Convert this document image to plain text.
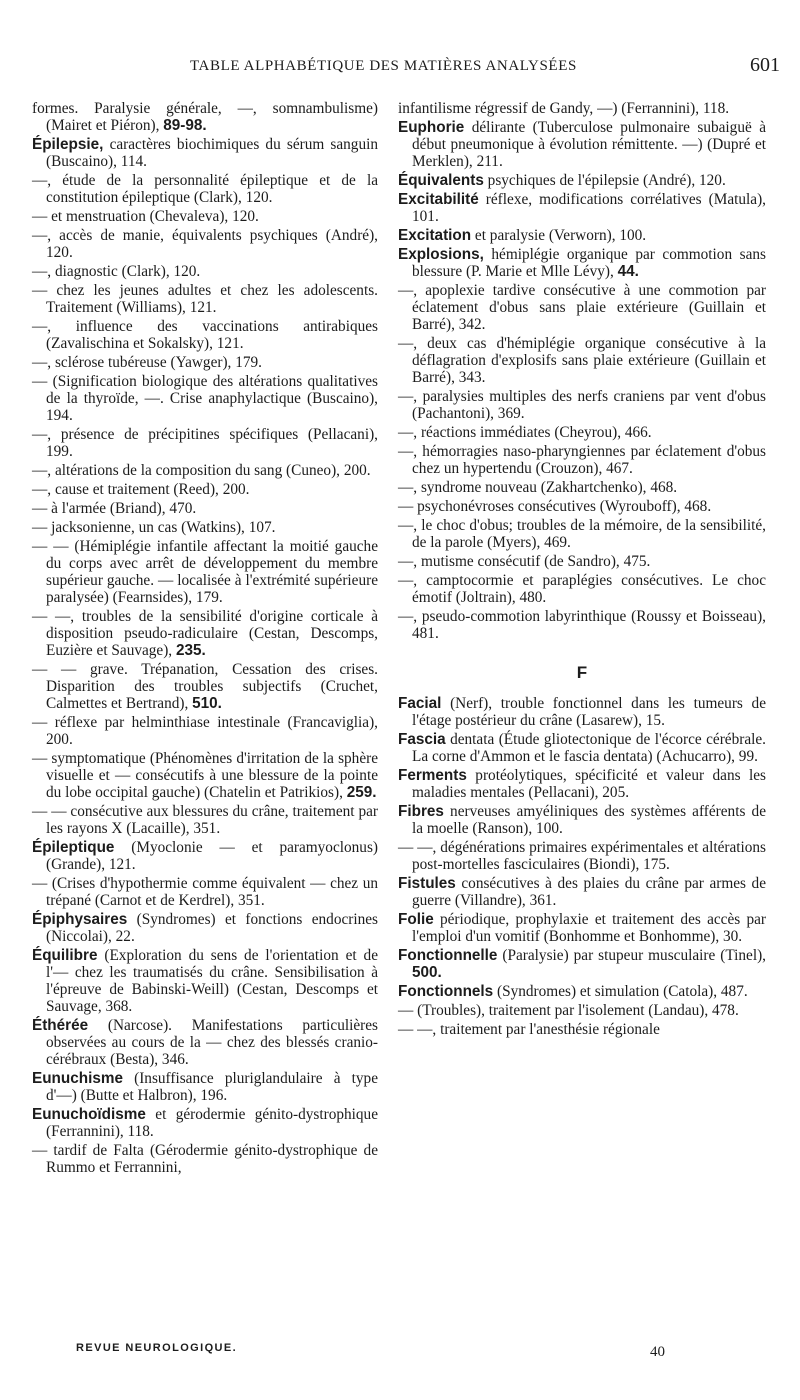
TABLE ALPHABÉTIQUE DES MATIÈRES ANALYSÉES	601
formes. Paralysie générale, —, somnambulisme) (Mairet et Piéron), 89-98.
Épilepsie, caractères biochimiques du sérum sanguin (Buscaino), 114.
—, étude de la personnalité épileptique et de la constitution épileptique (Clark), 120.
— et menstruation (Chevaleva), 120.
—, accès de manie, équivalents psychiques (André), 120.
—, diagnostic (Clark), 120.
— chez les jeunes adultes et chez les adolescents. Traitement (Williams), 121.
—, influence des vaccinations antirabiques (Zavalischina et Sokalsky), 121.
—, sclérose tubéreuse (Yawger), 179.
— (Signification biologique des altérations qualitatives de la thyroïde, —. Crise anaphylactique (Buscaino), 194.
—, présence de précipitines spécifiques (Pellacani), 199.
—, altérations de la composition du sang (Cuneo), 200.
—, cause et traitement (Reed), 200.
— à l'armée (Briand), 470.
— jacksonienne, un cas (Watkins), 107.
— — (Hémiplégie infantile affectant la moitié gauche du corps avec arrêt de développement du membre supérieur gauche. — localisée à l'extrémité supérieure paralysée) (Fearnsides), 179.
— —, troubles de la sensibilité d'origine corticale à disposition pseudo-radiculaire (Cestan, Descomps, Euzière et Sauvage), 235.
— — grave. Trépanation, Cessation des crises. Disparition des troubles subjectifs (Cruchet, Calmettes et Bertrand), 510.
— réflexe par helminthiase intestinale (Francaviglia), 200.
— symptomatique (Phénomènes d'irritation de la sphère visuelle et — consécutifs à une blessure de la pointe du lobe occipital gauche) (Chatelin et Patrikios), 259.
— — consécutive aux blessures du crâne, traitement par les rayons X (Lacaille), 351.
Épileptique (Myoclonie — et paramyoclonus) (Grande), 121.
— (Crises d'hypothermie comme équivalent — chez un trépané (Carnot et de Kerdrel), 351.
Épiphysaires (Syndromes) et fonctions endocrines (Niccolai), 22.
Équilibre (Exploration du sens de l'orientation et de l'— chez les traumatisés du crâne. Sensibilisation à l'épreuve de Babinski-Weill) (Cestan, Descomps et Sauvage, 368.
Éthérée (Narcose). Manifestations particulières observées au cours de la — chez des blessés cranio-cérébraux (Besta), 346.
Eunuchisme (Insuffisance pluriglandulaire à type d'—) (Butte et Halbron), 196.
Eunuchoïdisme et gérodermie génito-dystrophique (Ferrannini), 118.
— tardif de Falta (Gérodermie génito-dystrophique de Rummo et Ferrannini,
infantilisme régressif de Gandy, —) (Ferrannini), 118.
Euphorie délirante (Tuberculose pulmonaire subaiguë à début pneumonique à évolution rémittente. —) (Dupré et Merklen), 211.
Équivalents psychiques de l'épilepsie (André), 120.
Excitabilité réflexe, modifications corrélatives (Matula), 101.
Excitation et paralysie (Verworn), 100.
Explosions, hémiplégie organique par commotion sans blessure (P. Marie et Mlle Lévy), 44.
—, apoplexie tardive consécutive à une commotion par éclatement d'obus sans plaie extérieure (Guillain et Barré), 342.
—, deux cas d'hémiplégie organique consécutive à la déflagration d'explosifs sans plaie extérieure (Guillain et Barré), 343.
—, paralysies multiples des nerfs craniens par vent d'obus (Pachantoni), 369.
—, réactions immédiates (Cheyrou), 466.
—, hémorragies naso-pharyngiennes par éclatement d'obus chez un hypertendu (Crouzon), 467.
—, syndrome nouveau (Zakhartchenko), 468.
— psychonévroses consécutives (Wyrouboff), 468.
—, le choc d'obus; troubles de la mémoire, de la sensibilité, de la parole (Myers), 469.
—, mutisme consécutif (de Sandro), 475.
—, camptocormie et paraplégies consécutives. Le choc émotif (Joltrain), 480.
—, pseudo-commotion labyrinthique (Roussy et Boisseau), 481.
F
Facial (Nerf), trouble fonctionnel dans les tumeurs de l'étage postérieur du crâne (Lasarew), 15.
Fascia dentata (Étude gliotectonique de l'écorce cérébrale. La corne d'Ammon et le fascia dentata) (Achucarro), 99.
Ferments protéolytiques, spécificité et valeur dans les maladies mentales (Pellacani), 205.
Fibres nerveuses amyéliniques des systèmes afférents de la moelle (Ranson), 100.
— —, dégénérations primaires expérimentales et altérations post-mortelles fasciculaires (Biondi), 175.
Fistules consécutives à des plaies du crâne par armes de guerre (Villandre), 361.
Folie périodique, prophylaxie et traitement des accès par l'emploi d'un vomitif (Bonhomme et Bonhomme), 30.
Fonctionnelle (Paralysie) par stupeur musculaire (Tinel), 500.
Fonctionnels (Syndromes) et simulation (Catola), 487.
— (Troubles), traitement par l'isolement (Landau), 478.
— —, traitement par l'anesthésie régionale
REVUE NEUROLOGIQUE.	40
